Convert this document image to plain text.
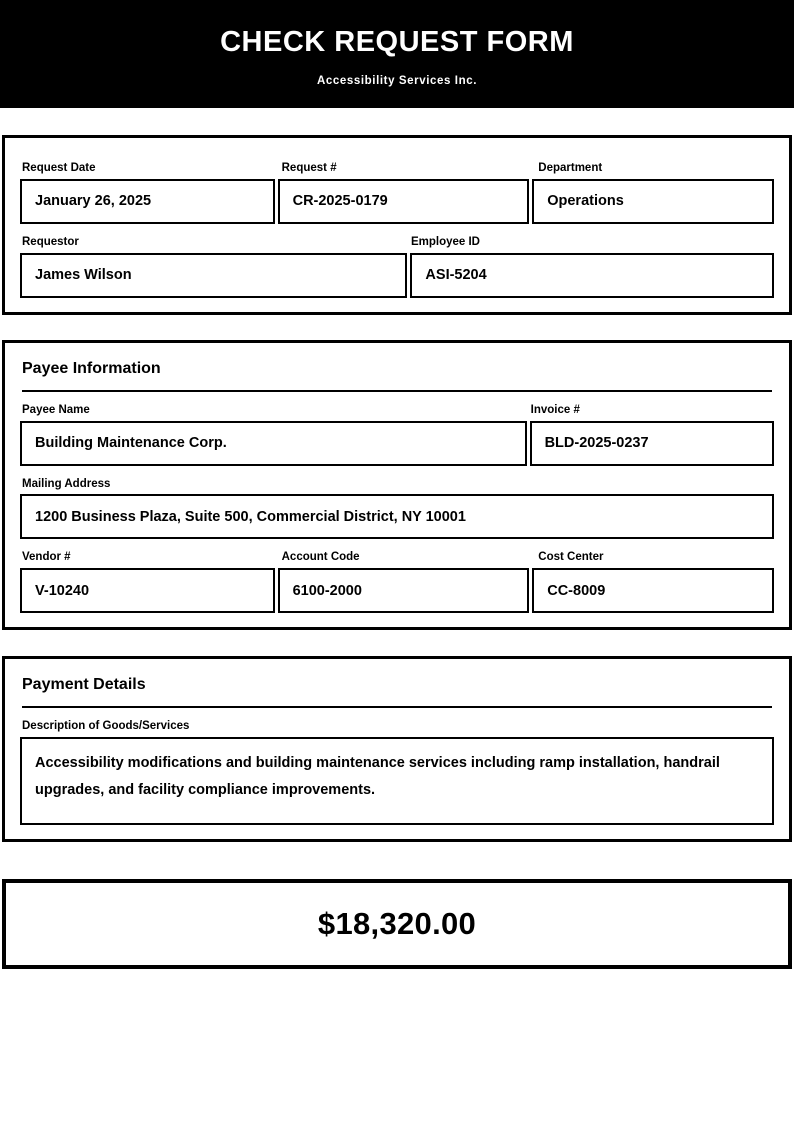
CHECK REQUEST FORM
Accessibility Services Inc.
Request Date	Request #	Department
January 26, 2025	CR-2025-0179	Operations
Requestor	Employee ID
James Wilson	ASI-5204
Payee Information
Payee Name	Invoice #
Building Maintenance Corp.	BLD-2025-0237
Mailing Address
1200 Business Plaza, Suite 500, Commercial District, NY 10001
Vendor #	Account Code	Cost Center
V-10240	6100-2000	CC-8009
Payment Details
Description of Goods/Services
Accessibility modifications and building maintenance services including ramp installation, handrail upgrades, and facility compliance improvements.
$18,320.00
